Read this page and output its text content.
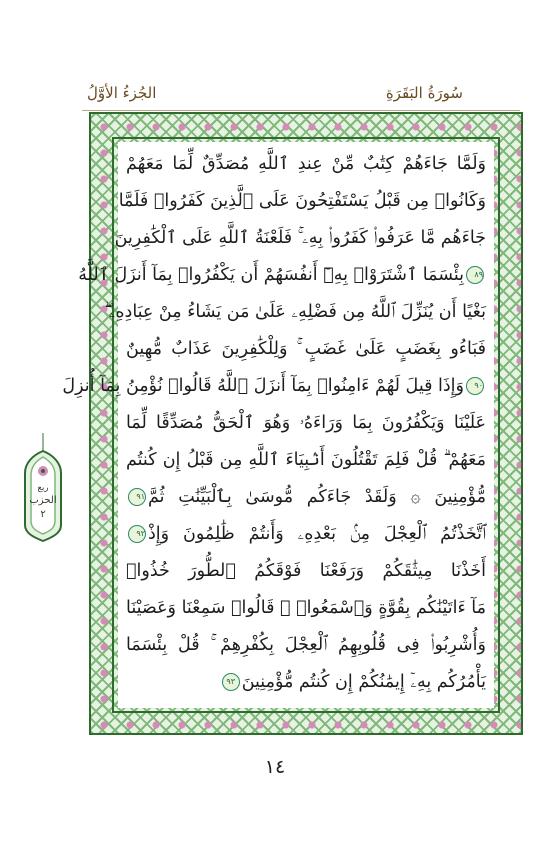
الجُزءُ الأوَّلُ	سُورَةُ البَقَرَةِ
وَلَمَّا جَاءَهُمْ كِتَٰبٌ مِّنْ عِندِ ٱللَّهِ مُصَدِّقٌ لِّمَا مَعَهُمْ
وَكَانُوا۟ مِن قَبْلُ يَسْتَفْتِحُونَ عَلَى ٱلَّذِينَ كَفَرُوا۟ فَلَمَّا
جَاءَهُم مَّا عَرَفُوا۟ كَفَرُوا۟ بِهِۦ ۚ فَلَعْنَةُ ٱللَّهِ عَلَى ٱلْكَٰفِرِينَ
٨٩بِئْسَمَا ٱشْتَرَوْا۟ بِهِۦٓ أَنفُسَهُمْ أَن يَكْفُرُوا۟ بِمَآ أَنزَلَ ٱللَّهُ
بَغْيًا أَن يُنَزِّلَ ٱللَّهُ مِن فَضْلِهِۦ عَلَىٰ مَن يَشَاءُ مِنْ عِبَادِهِۦ ۖ
فَبَاءُو بِغَضَبٍ عَلَىٰ غَضَبٍ ۚ وَلِلْكَٰفِرِينَ عَذَابٌ مُّهِينٌ
٩٠وَإِذَا قِيلَ لَهُمْ ءَامِنُوا۟ بِمَآ أَنزَلَ ٱللَّهُ قَالُوا۟ نُؤْمِنُ بِمَآ أُنزِلَ
عَلَيْنَا وَيَكْفُرُونَ بِمَا وَرَاءَهُۥ وَهُوَ ٱلْحَقُّ مُصَدِّقًا لِّمَا
مَعَهُمْ ۗ قُلْ فَلِمَ تَقْتُلُونَ أَنۢبِيَاءَ ٱللَّهِ مِن قَبْلُ إِن كُنتُم
مُّؤْمِنِينَ ۞ وَلَقَدْ جَاءَكُم مُّوسَىٰ بِٱلْبَيِّنَٰتِ ثُمَّ٩١
ٱتَّخَذْتُمُ ٱلْعِجْلَ مِنۢ بَعْدِهِۦ وَأَنتُمْ ظَٰلِمُونَ وَإِذْ٩٢
أَخَذْنَا مِيثَٰقَكُمْ وَرَفَعْنَا فَوْقَكُمُ ٱلطُّورَ خُذُوا۟
مَآ ءَاتَيْنَٰكُم بِقُوَّةٍ وَٱسْمَعُوا۟ ۖ قَالُوا۟ سَمِعْنَا وَعَصَيْنَا
وَأُشْرِبُوا۟ فِى قُلُوبِهِمُ ٱلْعِجْلَ بِكُفْرِهِمْ ۚ قُلْ بِئْسَمَا
يَأْمُرُكُم بِهِۦٓ إِيمَٰنُكُمْ إِن كُنتُم مُّؤْمِنِينَ٩٣
ربع
الحزب
٢
١٤
